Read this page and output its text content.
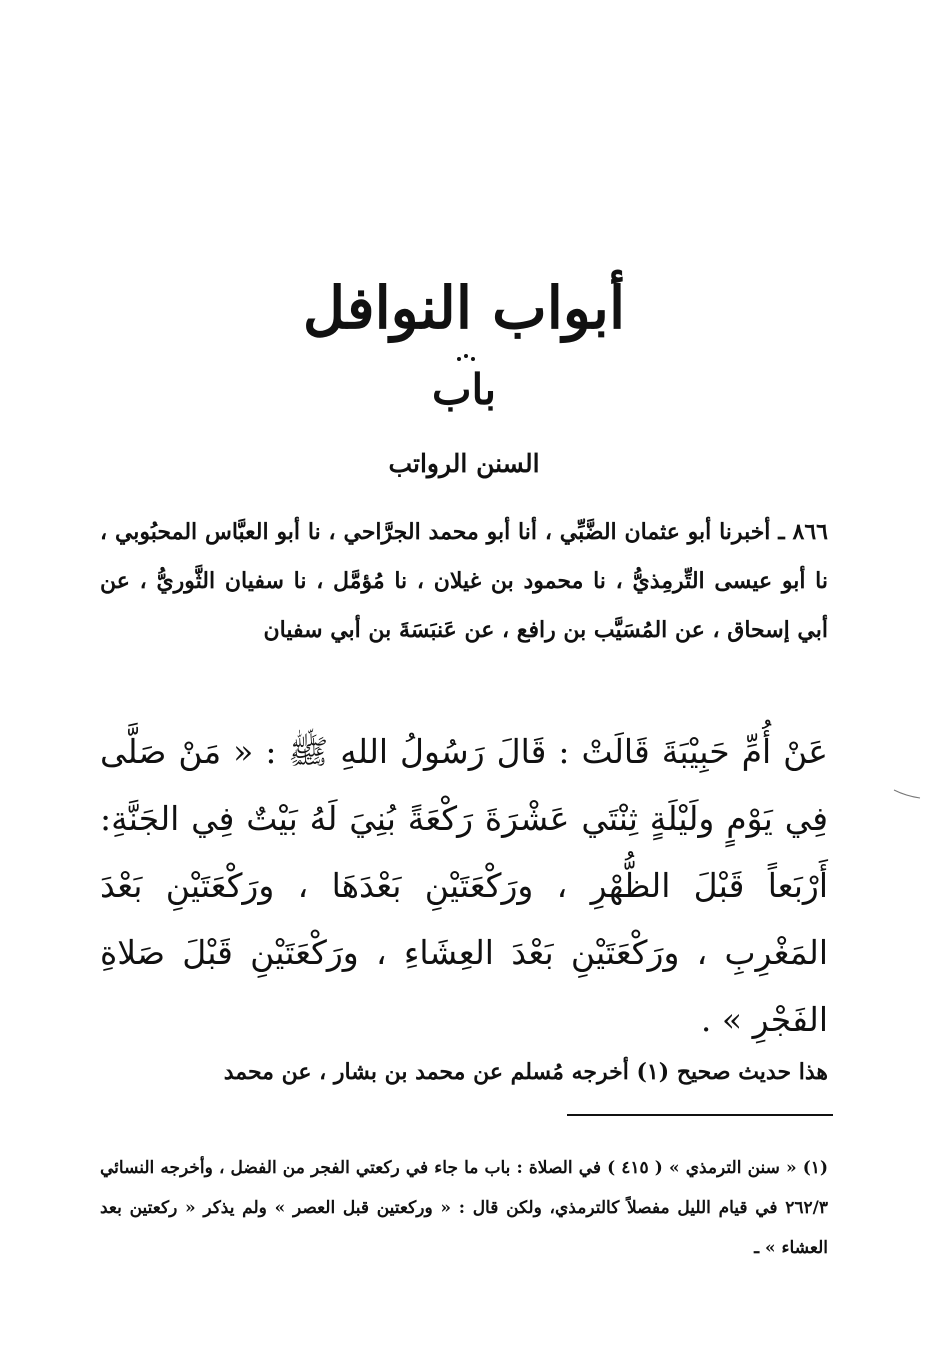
أبواب النوافل
باب
السنن الرواتب
٨٦٦ ـ أخبرنا أبو عثمان الضَّبِّي ، أنا أبو محمد الجرَّاحي ، نا أبو العبَّاس المحبُوبي ، نا أبو عيسى التِّرمِذيُّ ، نا محمود بن غيلان ، نا مُؤمَّل ، نا سفيان الثَّوريُّ ، عن أبي إسحاق ، عن المُسَيَّب بن رافع ، عن عَنبَسَةَ بن أبي سفيان
عَنْ أُمِّ حَبِيْبَةَ قَالَتْ : قَالَ رَسُولُ اللهِ ﷺ : « مَنْ صَلَّى فِي يَوْمٍ ولَيْلَةٍ ثِنْتَي عَشْرَةَ رَكْعَةً بُنِيَ لَهُ بَيْتٌ فِي الجَنَّةِ: أَرْبَعاً قَبْلَ الظُّهْرِ ، ورَكْعَتَيْنِ بَعْدَهَا ، ورَكْعَتَيْنِ بَعْدَ المَغْرِبِ ، ورَكْعَتَيْنِ بَعْدَ العِشَاءِ ، ورَكْعَتَيْنِ قَبْلَ صَلاةِ الفَجْرِ » .
هذا حديث صحيح (١) أخرجه مُسلم عن محمد بن بشار ، عن محمد
(١) « سنن الترمذي » ( ٤١٥ ) في الصلاة : باب ما جاء في ركعتي الفجر من الفضل ، وأخرجه النسائي ٢٦٢/٣ في قيام الليل مفصلاً كالترمذي، ولكن قال : « وركعتين قبل العصر » ولم يذكر « ركعتين بعد العشاء » ـ
